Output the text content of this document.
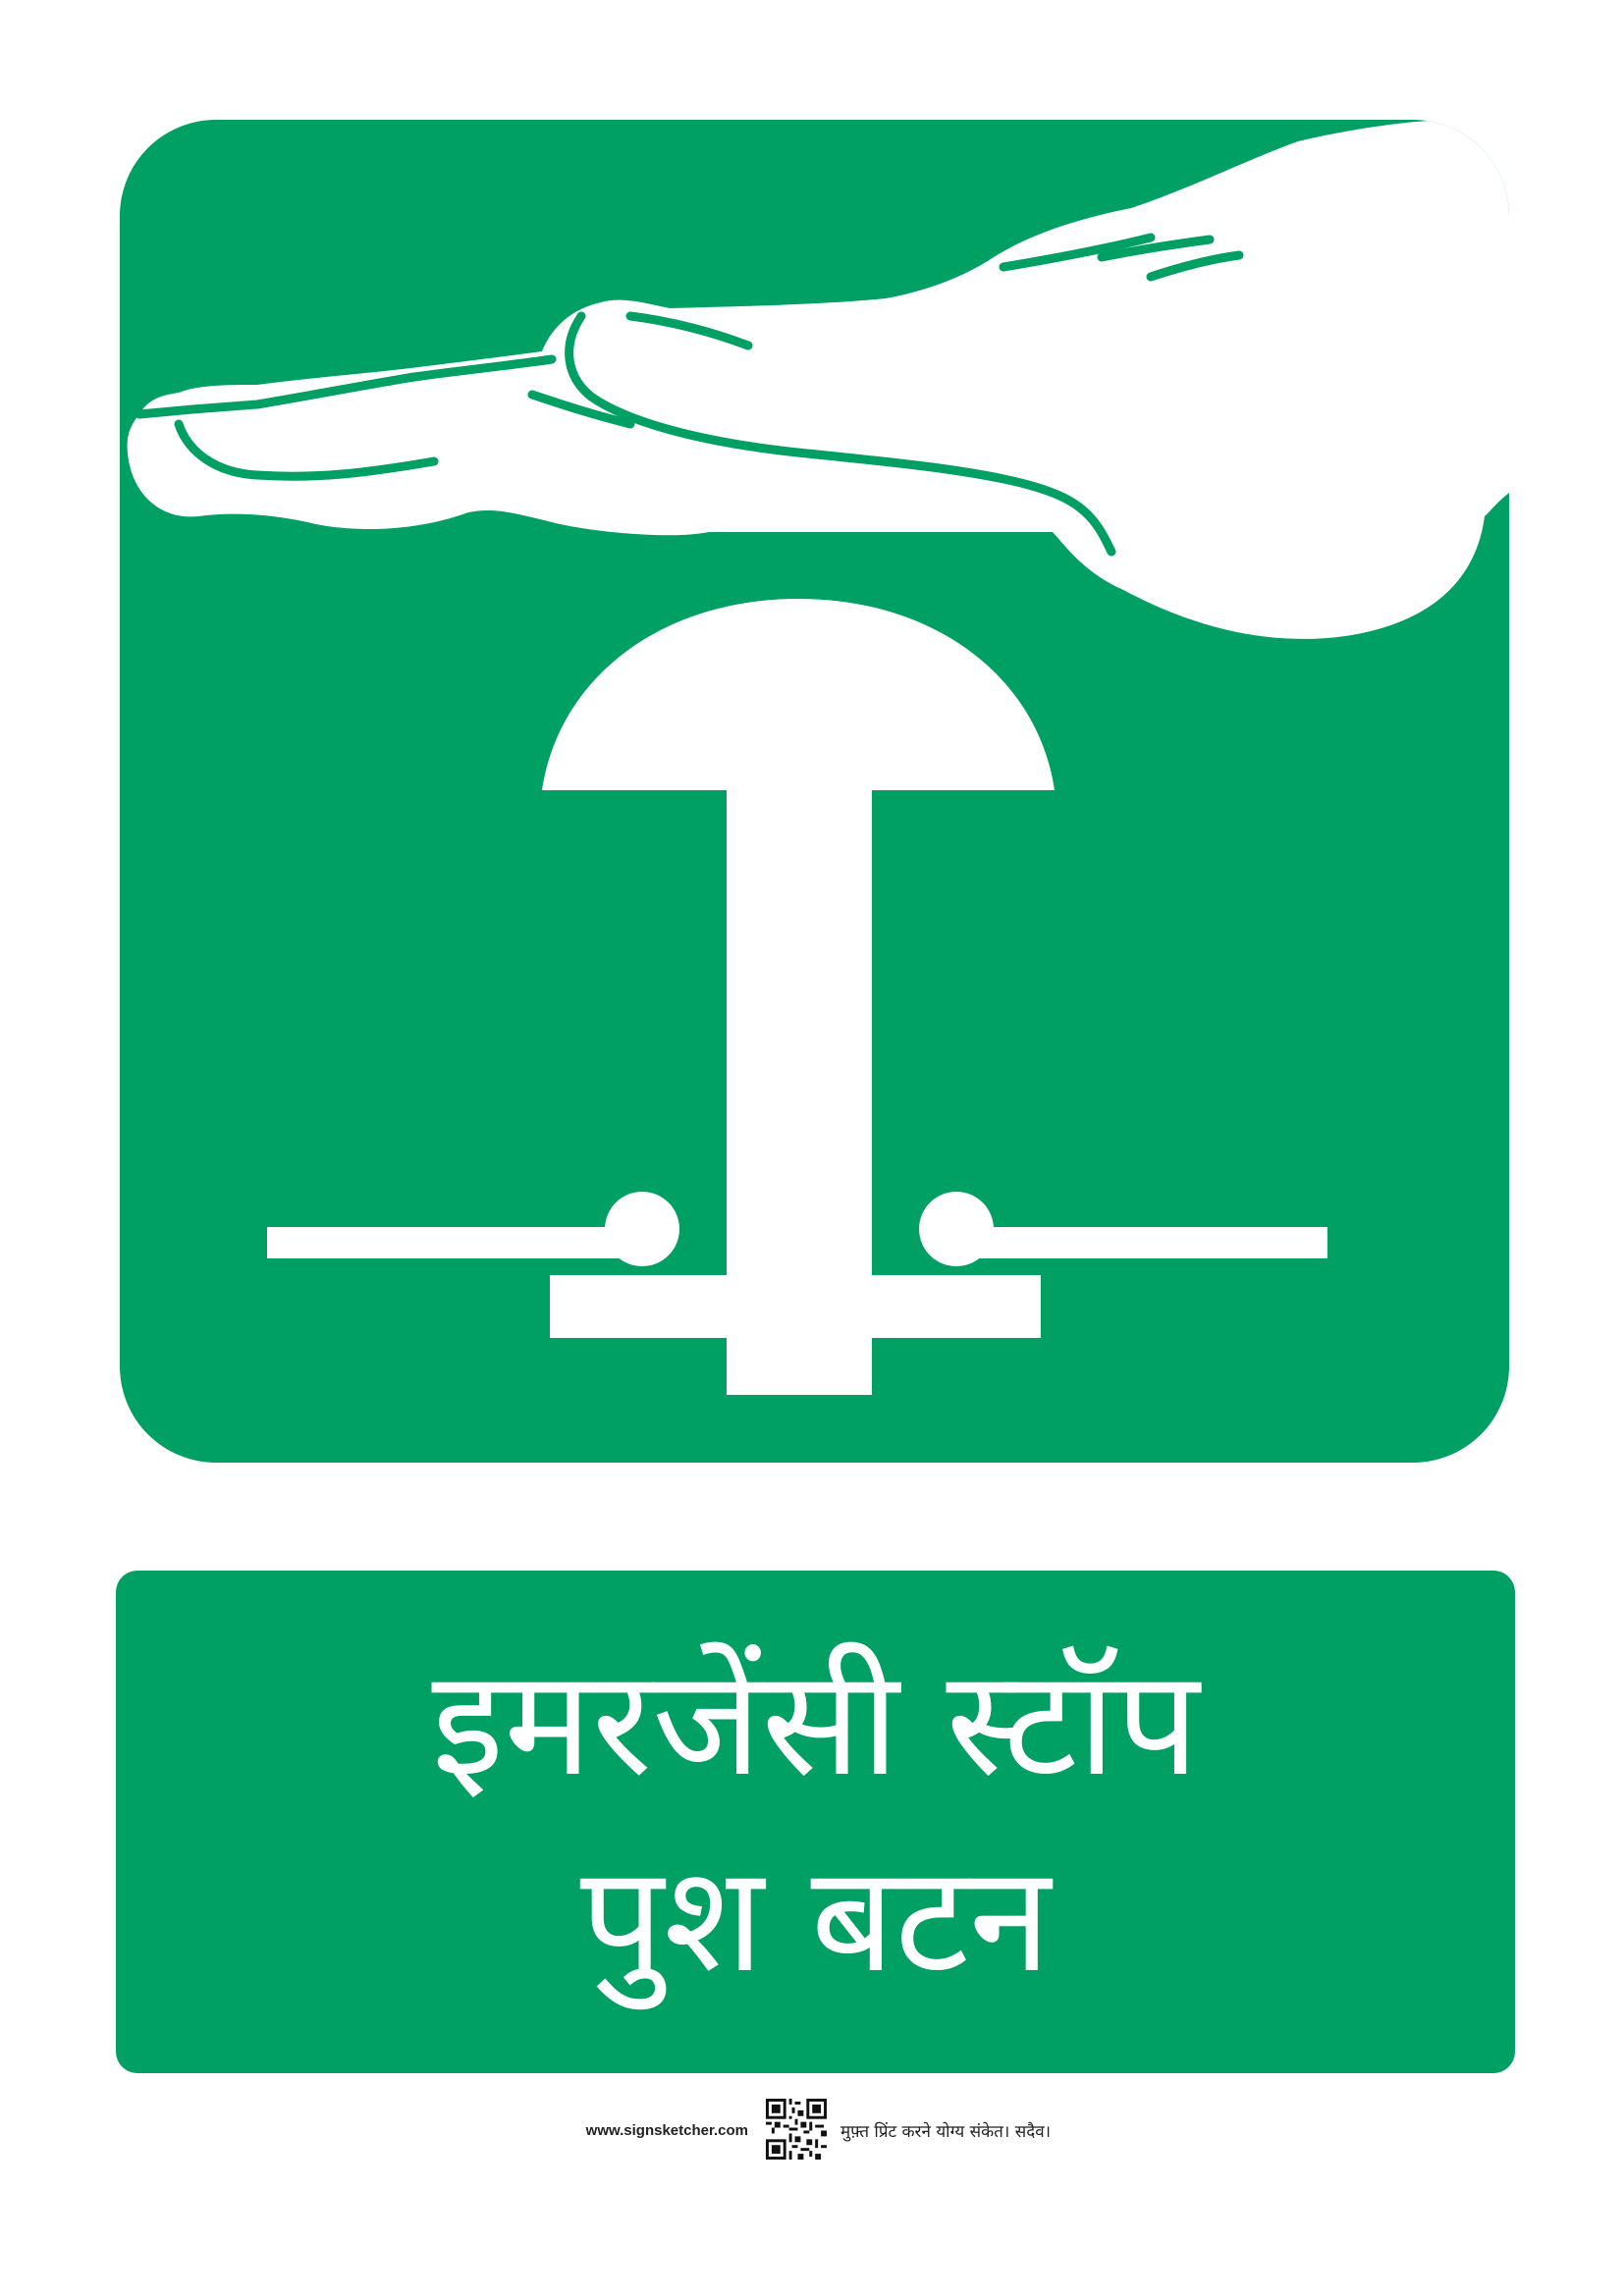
इमरजेंसी स्टॉप
पुश बटन
www.signsketcher.com	मुफ़्त प्रिंट करने योग्य संकेत। सदैव।
